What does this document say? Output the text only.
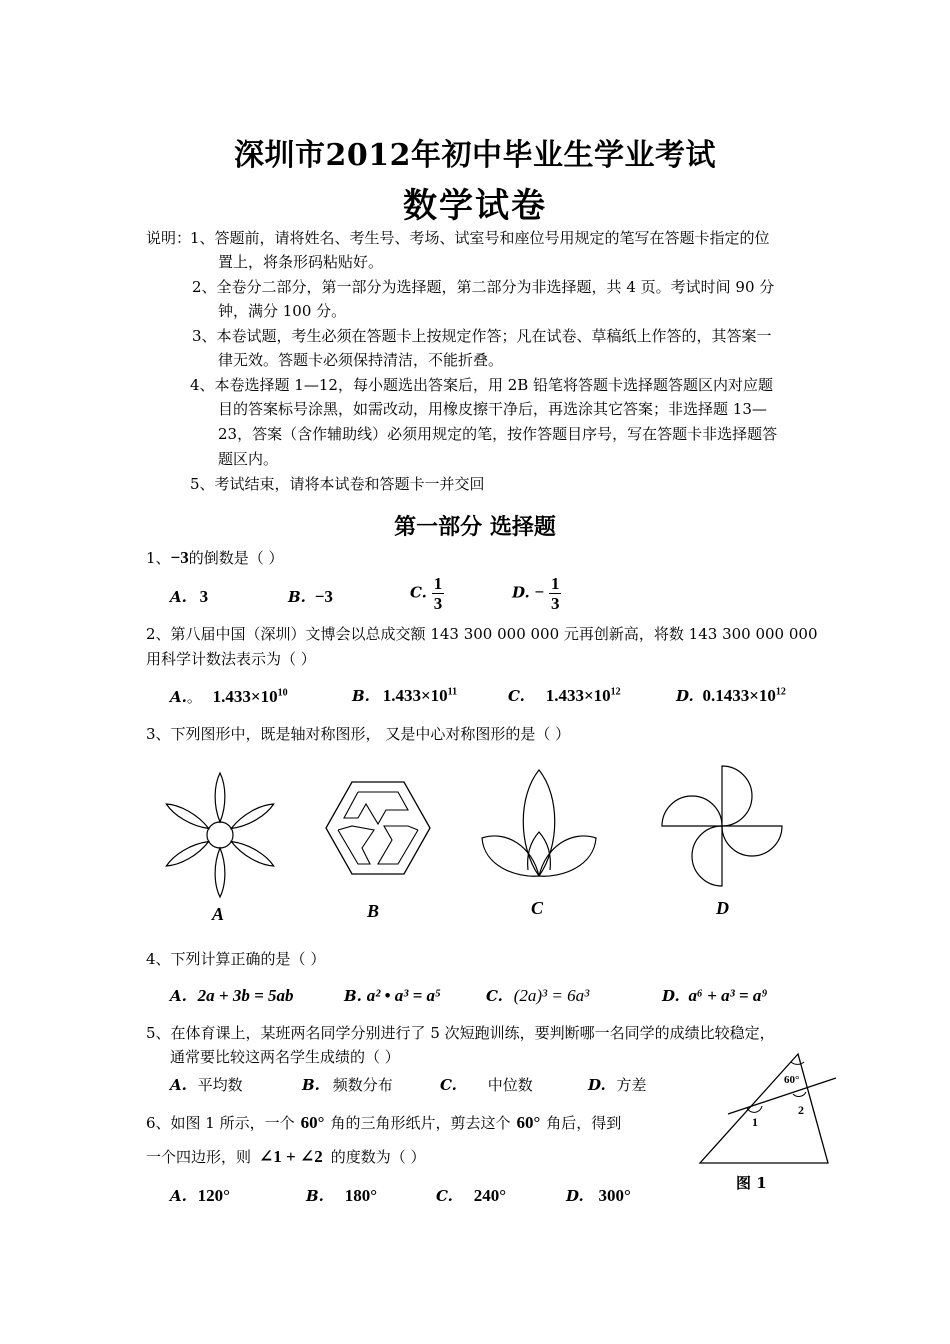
深圳市2012年初中毕业生学业考试
数学试卷
说明：
1、答题前，请将姓名、考生号、考场、试室号和座位号用规定的笔写在答题卡指定的位
置上，将条形码粘贴好。
2、全卷分二部分，第一部分为选择题，第二部分为非选择题，共 4 页。考试时间 90 分
钟，满分 100 分。
3、本卷试题，考生必须在答题卡上按规定作答；凡在试卷、草稿纸上作答的，其答案一
律无效。答题卡必须保持清洁，不能折叠。
4、本卷选择题 1—12，每小题选出答案后，用 2B 铅笔将答题卡选择题答题区内对应题
目的答案标号涂黑，如需改动，用橡皮擦干净后，再选涂其它答案；非选择题 13—
23，答案（含作辅助线）必须用规定的笔，按作答题目序号，写在答题卡非选择题答
题区内。
5、考试结束，请将本试卷和答题卡一并交回
第一部分 选择题
1、−3的倒数是（ ）
A. 3	B. −3	C. $\frac{1}{3}$	D. − $\frac{1}{3}$
2、第八届中国（深圳）文博会以总成交额 143 300 000 000 元再创新高，将数 143 300 000 000
用科学计数法表示为（ ）
A.。 $1.433\times 10^{10}$	B. $1.433\times 10^{11}$	C. $1.433\times 10^{12}$	D. $0.1433\times 10^{12}$
3、下列图形中，既是轴对称图形， 又是中心对称图形的是（ ）
A	B	C	D
4、下列计算正确的是（ ）
A. 2a + 3b = 5ab	B. a² • a³ = a⁵	C. (2a)³ = 6a³	D. a⁶ + a³ = a⁹
5、在体育课上，某班两名同学分别进行了 5 次短跑训练，要判断哪一名同学的成绩比较稳定，
通常要比较这两名学生成绩的（ ）
A. 平均数	B. 频数分布	C. 中位数	D. 方差
6、如图 1 所示，一个 60° 角的三角形纸片，剪去这个 60° 角后，得到
一个四边形，则 ∠1 + ∠2 的度数为（ ）
A. 120°	B. 180°	C. 240°	D. 300°
60°
1
2
图 1
